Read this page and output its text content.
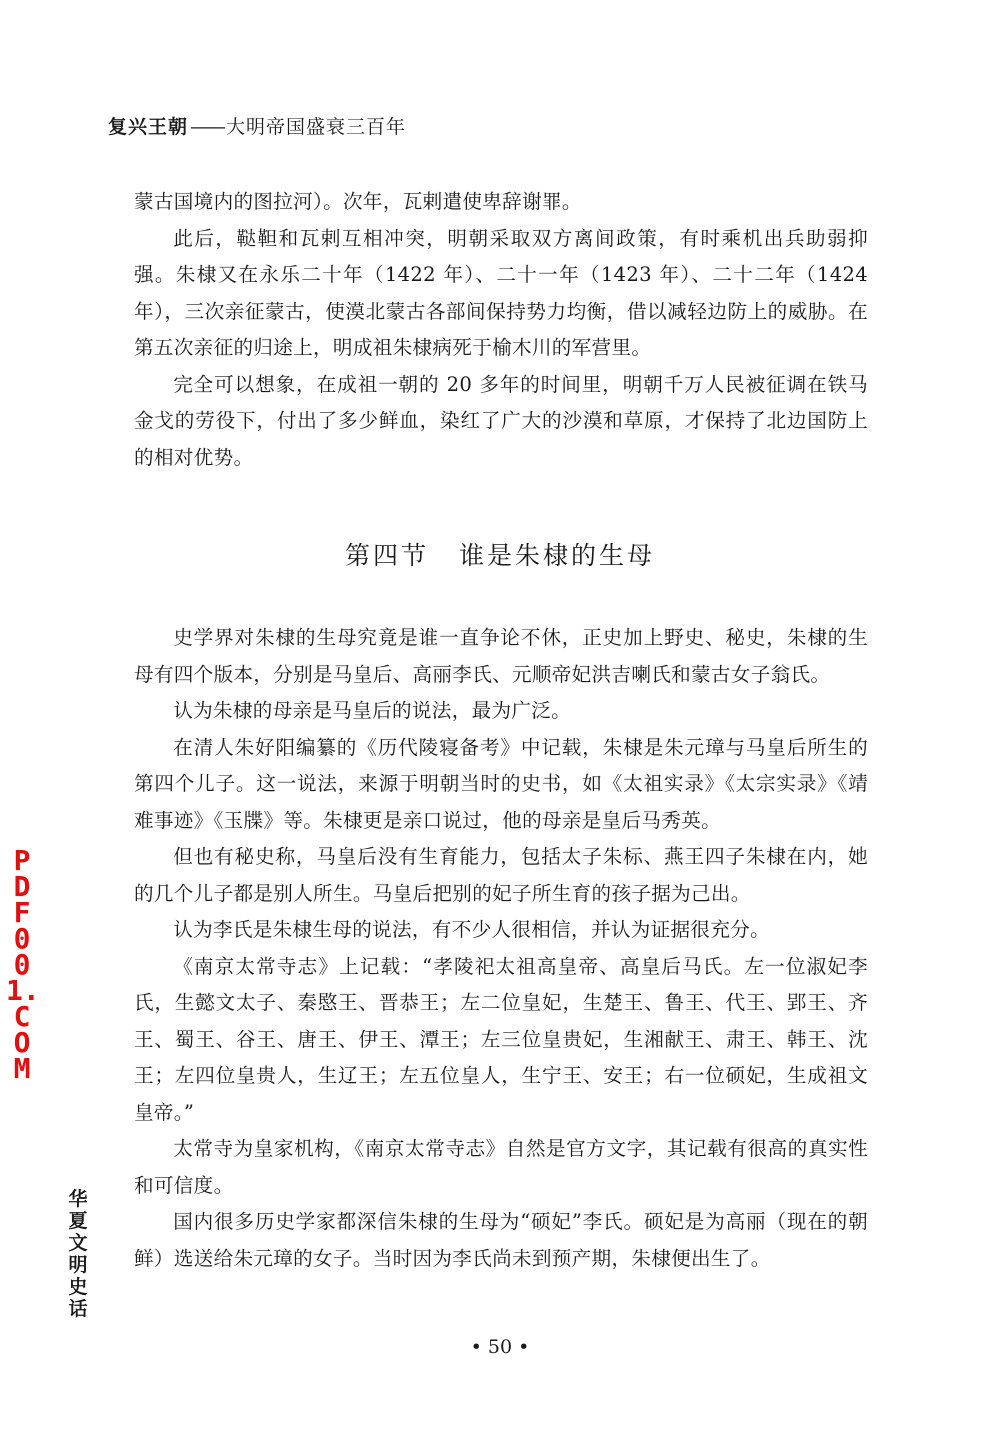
复兴王朝 —— 大明帝国盛衰三百年

蒙古国境内的图拉河）。次年，瓦剌遣使卑辞谢罪。

此后，鞑靼和瓦剌互相冲突，明朝采取双方离间政策，有时乘机出兵助弱抑强。朱棣又在永乐二十年（1422 年）、二十一年（1423 年）、二十二年（1424年），三次亲征蒙古，使漠北蒙古各部间保持势力均衡，借以减轻边防上的威胁。在第五次亲征的归途上，明成祖朱棣病死于榆木川的军营里。

完全可以想象，在成祖一朝的 20 多年的时间里，明朝千万人民被征调在铁马金戈的劳役下，付出了多少鲜血，染红了广大的沙漠和草原，才保持了北边国防上的相对优势。

第四节 谁是朱棣的生母

史学界对朱棣的生母究竟是谁一直争论不休，正史加上野史、秘史，朱棣的生母有四个版本，分别是马皇后、高丽李氏、元顺帝妃洪吉喇氏和蒙古女子翁氏。

认为朱棣的母亲是马皇后的说法，最为广泛。

在清人朱好阳编纂的《历代陵寝备考》中记载，朱棣是朱元璋与马皇后所生的第四个儿子。这一说法，来源于明朝当时的史书，如《太祖实录》《太宗实录》《靖难事迹》《玉牒》等。朱棣更是亲口说过，他的母亲是皇后马秀英。

但也有秘史称，马皇后没有生育能力，包括太子朱标、燕王四子朱棣在内，她的几个儿子都是别人所生。马皇后把别的妃子所生育的孩子据为己出。

认为李氏是朱棣生母的说法，有不少人很相信，并认为证据很充分。

《南京太常寺志》上记载：“孝陵祀太祖高皇帝、高皇后马氏。左一位淑妃李氏，生懿文太子、秦愍王、晋恭王；左二位皇妃，生楚王、鲁王、代王、郢王、齐王、蜀王、谷王、唐王、伊王、潭王；左三位皇贵妃，生湘献王、肃王、韩王、沈王；左四位皇贵人，生辽王；左五位皇人，生宁王、安王；右一位硕妃，生成祖文皇帝。”

太常寺为皇家机构，《南京太常寺志》自然是官方文字，其记载有很高的真实性和可信度。

国内很多历史学家都深信朱棣的生母为“硕妃”李氏。硕妃是为高丽（现在的朝鲜）选送给朱元璋的女子。当时因为李氏尚未到预产期，朱棣便出生了。

PDF001.COM
华夏文明史话
• 50 •
